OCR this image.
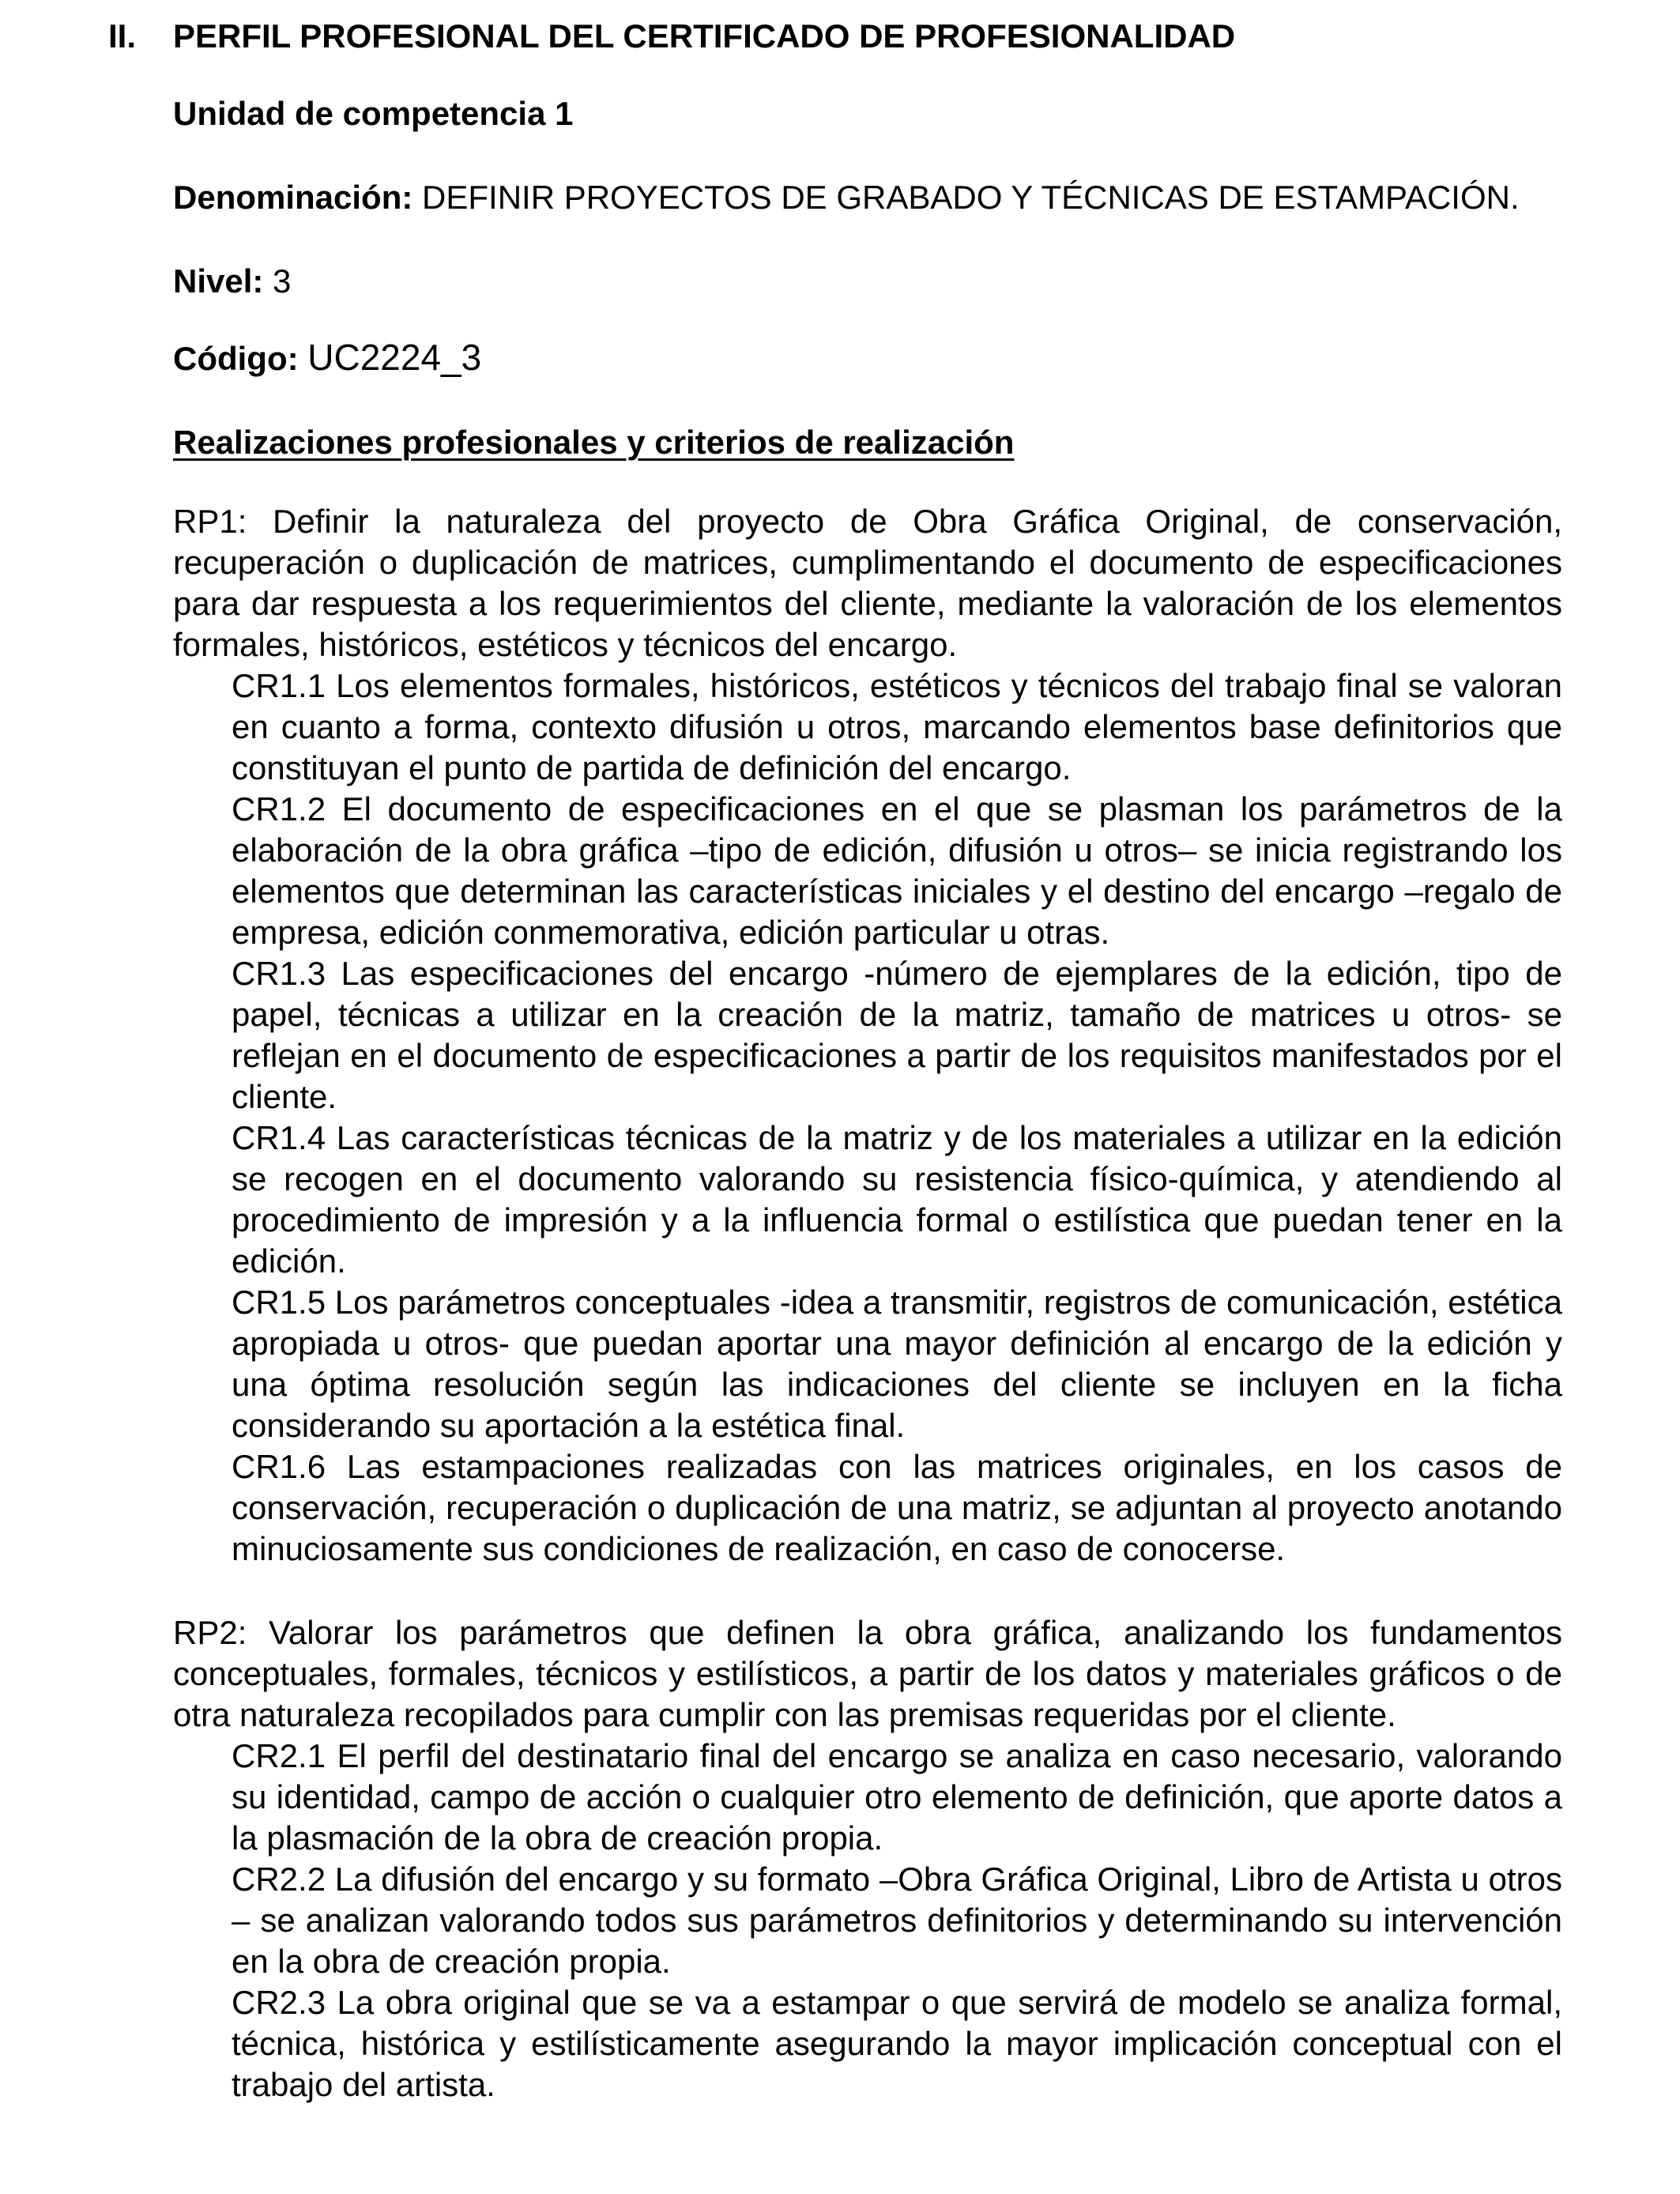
II. PERFIL PROFESIONAL DEL CERTIFICADO DE PROFESIONALIDAD

Unidad de competencia 1

Denominación: DEFINIR PROYECTOS DE GRABADO Y TÉCNICAS DE ESTAMPACIÓN.

Nivel: 3

Código: UC2224_3

Realizaciones profesionales y criterios de realización

RP1: Definir la naturaleza del proyecto de Obra Gráfica Original, de conservación, recuperación o duplicación de matrices, cumplimentando el documento de especificaciones para dar respuesta a los requerimientos del cliente, mediante la valoración de los elementos formales, históricos, estéticos y técnicos del encargo.

CR1.1 Los elementos formales, históricos, estéticos y técnicos del trabajo final se valoran en cuanto a forma, contexto difusión u otros, marcando elementos base definitorios que constituyan el punto de partida de definición del encargo.

CR1.2 El documento de especificaciones en el que se plasman los parámetros de la elaboración de la obra gráfica –tipo de edición, difusión u otros– se inicia registrando los elementos que determinan las características iniciales y el destino del encargo –regalo de empresa, edición conmemorativa, edición particular u otras.

CR1.3 Las especificaciones del encargo -número de ejemplares de la edición, tipo de papel, técnicas a utilizar en la creación de la matriz, tamaño de matrices u otros- se reflejan en el documento de especificaciones a partir de los requisitos manifestados por el cliente.

CR1.4 Las características técnicas de la matriz y de los materiales a utilizar en la edición se recogen en el documento valorando su resistencia físico-química, y atendiendo al procedimiento de impresión y a la influencia formal o estilística que puedan tener en la edición.

CR1.5 Los parámetros conceptuales -idea a transmitir, registros de comunicación, estética apropiada u otros- que puedan aportar una mayor definición al encargo de la edición y una óptima resolución según las indicaciones del cliente se incluyen en la ficha considerando su aportación a la estética final.

CR1.6 Las estampaciones realizadas con las matrices originales, en los casos de conservación, recuperación o duplicación de una matriz, se adjuntan al proyecto anotando minuciosamente sus condiciones de realización, en caso de conocerse.

RP2: Valorar los parámetros que definen la obra gráfica, analizando los fundamentos conceptuales, formales, técnicos y estilísticos, a partir de los datos y materiales gráficos o de otra naturaleza recopilados para cumplir con las premisas requeridas por el cliente.

CR2.1 El perfil del destinatario final del encargo se analiza en caso necesario, valorando su identidad, campo de acción o cualquier otro elemento de definición, que aporte datos a la plasmación de la obra de creación propia.

CR2.2 La difusión del encargo y su formato –Obra Gráfica Original, Libro de Artista u otros – se analizan valorando todos sus parámetros definitorios y determinando su intervención en la obra de creación propia.

CR2.3 La obra original que se va a estampar o que servirá de modelo se analiza formal, técnica, histórica y estilísticamente asegurando la mayor implicación conceptual con el trabajo del artista.
